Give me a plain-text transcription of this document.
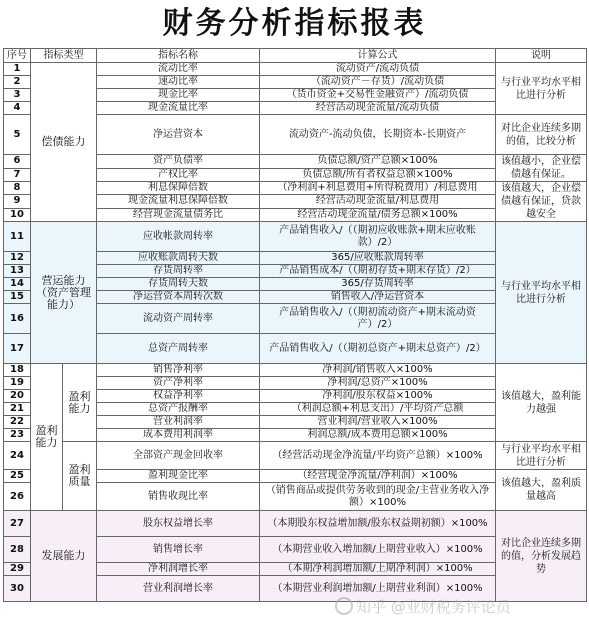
财务分析指标报表
序号	指标类型		指标名称	计算公式	说明
1	偿债能力		流动比率	流动资产/流动负债	与行业平均水平相比进行分析
2			速动比率	（流动资产－存货）/流动负债	
3			现金比率	（货币资金+交易性金融资产）/流动负债	
4			现金流量比率	经营活动现金流量/流动负债	
5			净运营资本	流动资产-流动负债，长期资本-长期资产	对比企业连续多期的值，比较分析
6			资产负债率	负债总额/资产总额×100%	该值越小，企业偿债越有保证。
7			产权比率	负债总额/所有者权益总额×100%	
8			利息保障倍数	（净利润+利息费用+所得税费用）/利息费用	该值越大，企业偿债越有保证，贷款越安全
9			现金流量利息保障倍数	经营活动现金流量/利息费用	
10			经营现金流量债务比	经营活动现金流量/债务总额×100%	
11	营运能力（资产管理能力）		应收帐款周转率	产品销售收入/（（期初应收账款+期末应收账款）/2）	与行业平均水平相比进行分析
12			应收账款周转天数	365/应收账款周转率	
13			存货周转率	产品销售成本/（（期初存货+期末存货）/2）	
14			存货周转天数	365/存货周转率	
15			净运营资本周转次数	销售收入/净运营资本	
16			流动资产周转率	产品销售收入/（（期初流动资产+期末流动资产）/2）	
17			总资产周转率	产品销售收入/（（期初总资产+期末总资产）/2）	
18	盈利能力	盈利能力	销售净利率	净利润/销售收入×100%	该值越大，盈利能力越强
19			资产净利率	净利润/总资产×100%	
20			权益净利率	净利润/股东权益×100%	
21			总资产报酬率	（利润总额+利息支出）/平均资产总额	
22			营业利润率	营业利润/营业收入×100%	
23			成本费用利润率	利润总额/成本费用总额×100%	
24		盈利质量	全部资产现金回收率	（经营活动现金净流量/平均资产总额）×100%	与行业平均水平相比进行分析
25			盈利现金比率	（经营现金净流量/净利润）×100%	该值越大，盈利质量越高
26			销售收现比率	（销售商品或提供劳务收到的现金/主营业务收入净额）×100%	
27	发展能力		股东权益增长率	（本期股东权益增加额/股东权益期初额）×100%	对比企业连续多期的值，分析发展趋势
28			销售增长率	（本期营业收入增加额/上期营业收入）×100%	
29			净利润增长率	（本期净利润增加额/上期净利润）×100%	
30			营业利润增长率	（本期营业利润增加额/上期营业利润）×100%	
知乎 @业财税务评论员
